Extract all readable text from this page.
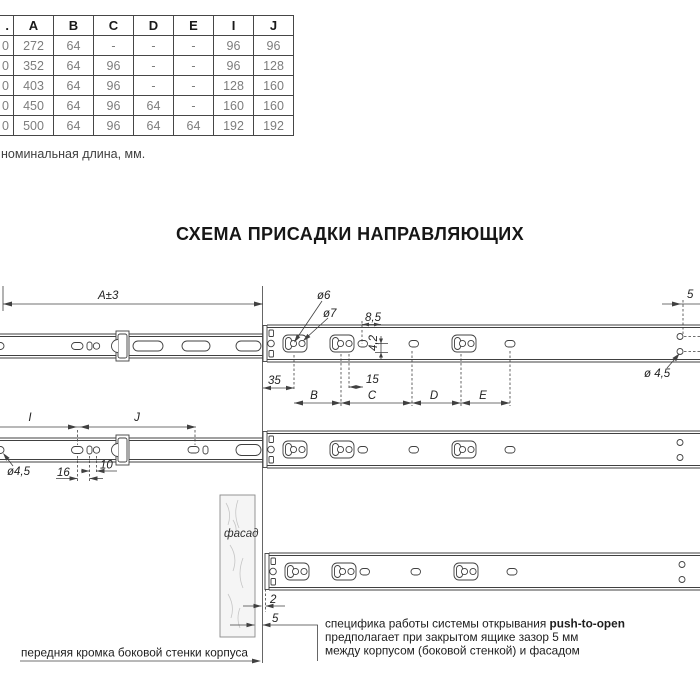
.	A	B	C	D	E	I	J
0	272	64	-	-	-	96	96
0	352	64	96	-	-	96	128
0	403	64	96	-	-	128	160
0	450	64	96	64	-	160	160
0	500	64	96	64	64	192	192
номинальная длина, мм.
СХЕМА ПРИСАДКИ НАПРАВЛЯЮЩИХ
фасад
A±3	ø6
ø7 8,5
4,2
35	15
B	C	D	E
5
ø 4,5
I	J
ø4,5 16
10
2
5
передняя кромка боковой стенки корпуса
специфика работы системы открывания push-to-open
предполагает при закрытом ящике зазор 5 мм
между корпусом (боковой стенкой) и фасадом
